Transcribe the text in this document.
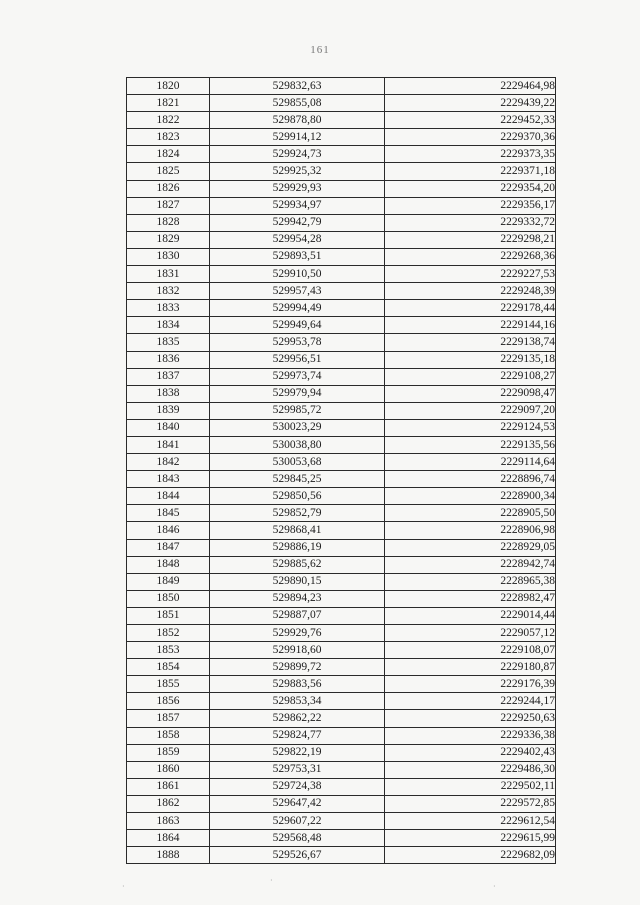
161
1820	529832,63	2229464,98
1821	529855,08	2229439,22
1822	529878,80	2229452,33
1823	529914,12	2229370,36
1824	529924,73	2229373,35
1825	529925,32	2229371,18
1826	529929,93	2229354,20
1827	529934,97	2229356,17
1828	529942,79	2229332,72
1829	529954,28	2229298,21
1830	529893,51	2229268,36
1831	529910,50	2229227,53
1832	529957,43	2229248,39
1833	529994,49	2229178,44
1834	529949,64	2229144,16
1835	529953,78	2229138,74
1836	529956,51	2229135,18
1837	529973,74	2229108,27
1838	529979,94	2229098,47
1839	529985,72	2229097,20
1840	530023,29	2229124,53
1841	530038,80	2229135,56
1842	530053,68	2229114,64
1843	529845,25	2228896,74
1844	529850,56	2228900,34
1845	529852,79	2228905,50
1846	529868,41	2228906,98
1847	529886,19	2228929,05
1848	529885,62	2228942,74
1849	529890,15	2228965,38
1850	529894,23	2228982,47
1851	529887,07	2229014,44
1852	529929,76	2229057,12
1853	529918,60	2229108,07
1854	529899,72	2229180,87
1855	529883,56	2229176,39
1856	529853,34	2229244,17
1857	529862,22	2229250,63
1858	529824,77	2229336,38
1859	529822,19	2229402,43
1860	529753,31	2229486,30
1861	529724,38	2229502,11
1862	529647,42	2229572,85
1863	529607,22	2229612,54
1864	529568,48	2229615,99
1888	529526,67	2229682,09
·
·
·
